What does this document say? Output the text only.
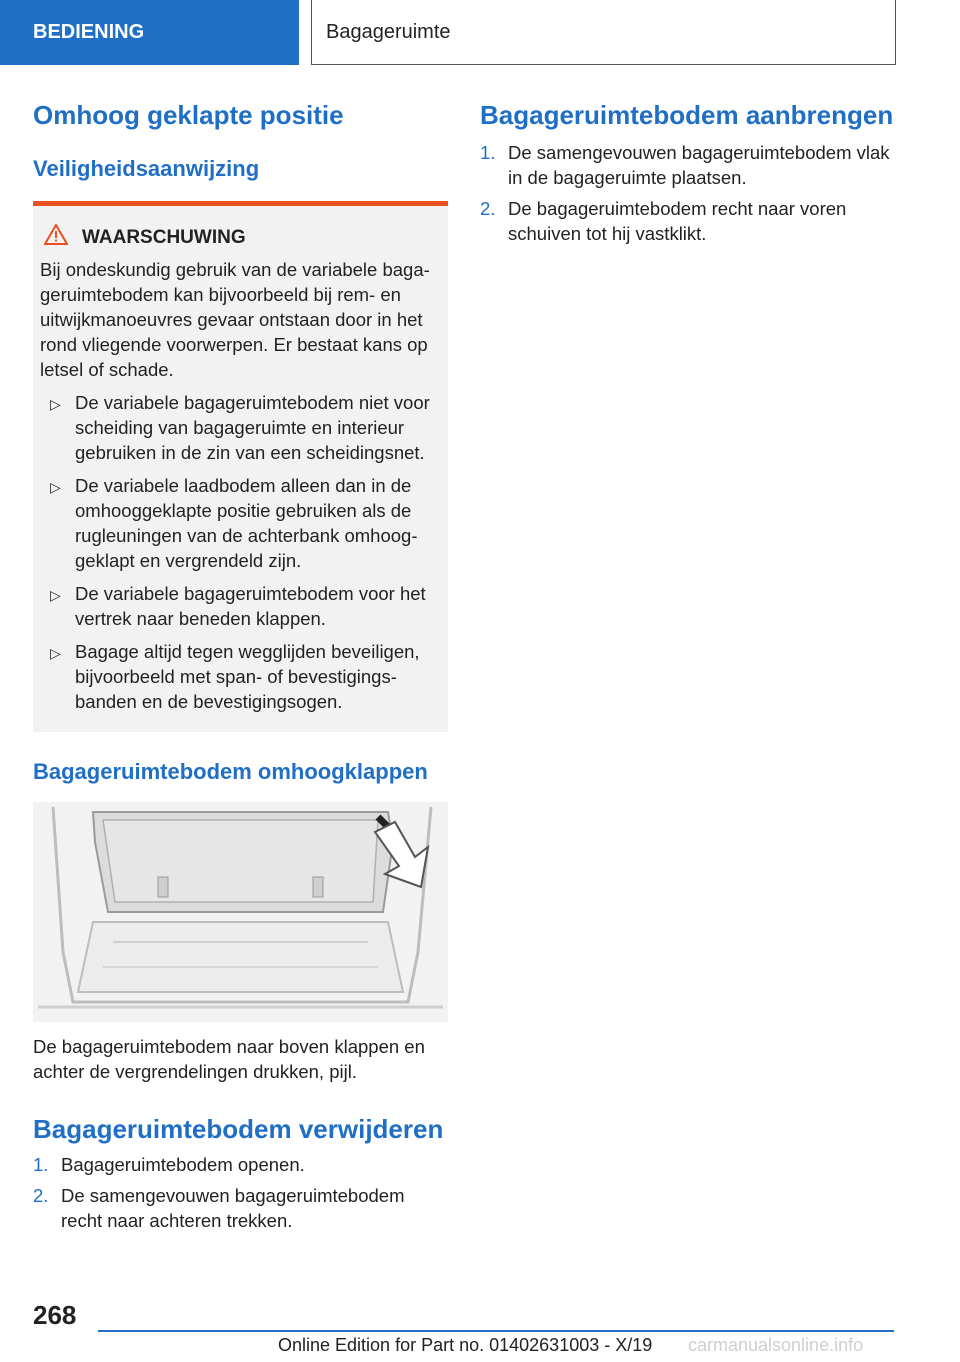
BEDIENING	Bagageruimte
Omhoog geklapte positie
Veiligheidsaanwijzing
WAARSCHUWING

Bij ondeskundig gebruik van de variabele bagageruimtebodem kan bijvoorbeeld bij rem- en uitwijkmanoeuvres gevaar ontstaan door in het rond vliegende voorwerpen. Er bestaat kans op letsel of schade.

▷ De variabele bagageruimtebodem niet voor scheiding van bagageruimte en interieur gebruiken in de zin van een scheidingsnet.
▷ De variabele laadbodem alleen dan in de omhooggeklapte positie gebruiken als de rugleuningen van de achterbank omhooggeklapt en vergrendeld zijn.
▷ De variabele bagageruimtebodem voor het vertrek naar beneden klappen.
▷ Bagage altijd tegen wegglijden beveiligen, bijvoorbeeld met span- of bevestigingsbanden en de bevestigingsogen.
Bagageruimtebodem omhoogklappen

De bagageruimtebodem naar boven klappen en achter de vergrendelingen drukken, pijl.

Bagageruimtebodem verwijderen
1. Bagageruimtebodem openen.
2. De samengevouwen bagageruimtebodem recht naar achteren trekken.
Bagageruimtebodem aanbrengen
1. De samengevouwen bagageruimtebodem vlak in de bagageruimte plaatsen.
2. De bagageruimtebodem recht naar voren schuiven tot hij vastklikt.
268
Online Edition for Part no. 01402631003 - X/19 carmanualsonline.info
